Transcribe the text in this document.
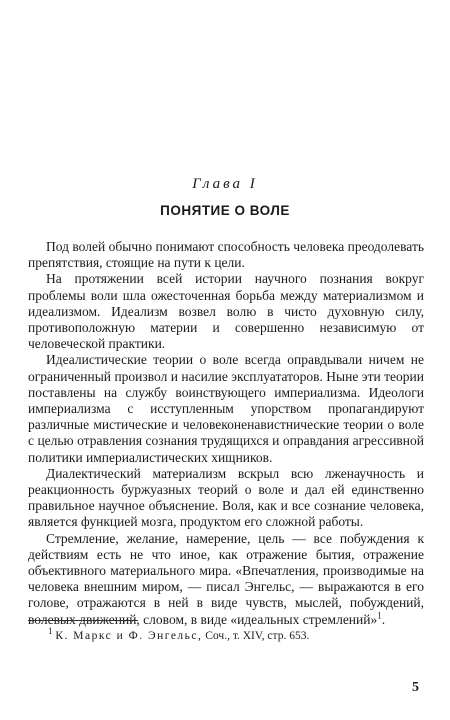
Глава I
ПОНЯТИЕ О ВОЛЕ

Под волей обычно понимают способность человека преодолевать препятствия, стоящие на пути к цели.

На протяжении всей истории научного познания вокруг проблемы воли шла ожесточенная борьба между материализмом и идеализмом. Идеализм возвел волю в чисто духовную силу, противоположную материи и совершенно независимую от человеческой практики.

Идеалистические теории о воле всегда оправдывали ничем не ограниченный произвол и насилие эксплуататоров. Ныне эти теории поставлены на службу воинствующего империализма. Идеологи империализма с исступленным упорством пропагандируют различные мистические и человеконенавистнические теории о воле с целью отравления сознания трудящихся и оправдания агрессивной политики империалистических хищников.

Диалектический материализм вскрыл всю лженаучность и реакционность буржуазных теорий о воле и дал ей единственно правильное научное объяснение. Воля, как и все сознание человека, является функцией мозга, продуктом его сложной работы.

Стремление, желание, намерение, цель — все побуждения к действиям есть не что иное, как отражение бытия, отражение объективного материального мира. «Впечатления, производимые на человека внешним миром, — писал Энгельс, — выражаются в его голове, отражаются в ней в виде чувств, мыслей, побуждений, волевых движений, словом, в виде «идеальных стремлений»$^1$.

$^1$ К. Маркс и Ф. Энгельс, Соч., т. XIV, стр. 653.
5
